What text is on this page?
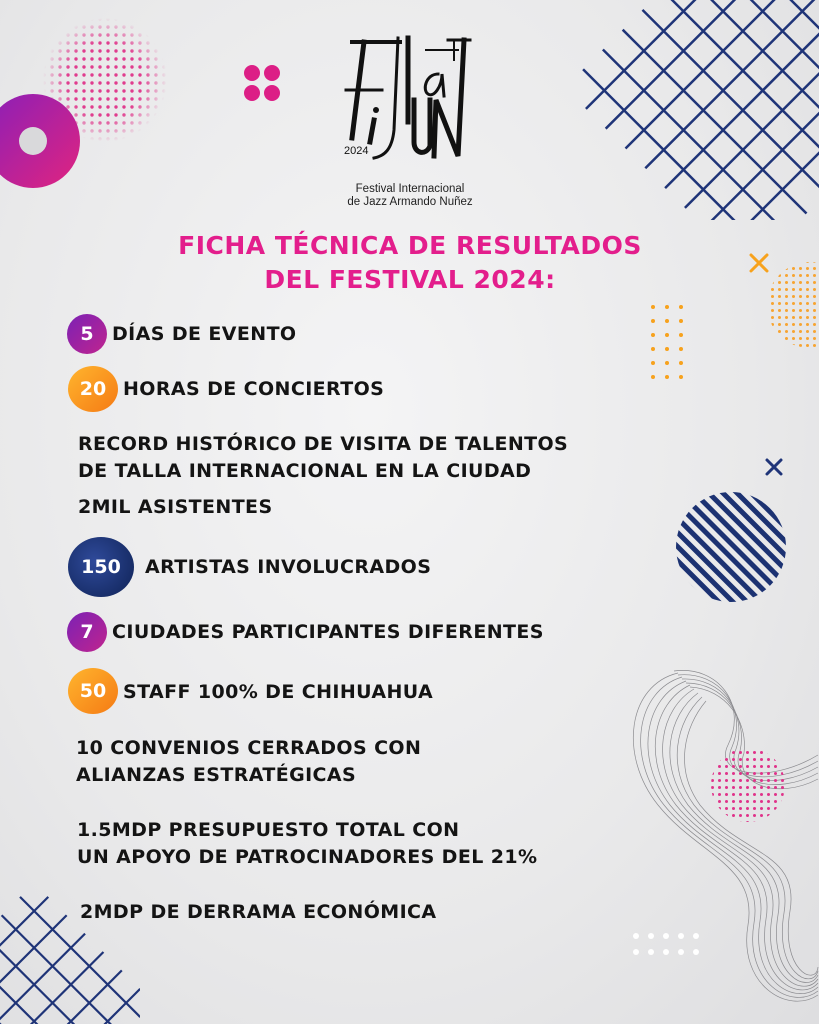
2024
Festival Internacional
de Jazz Armando Nuñez
FICHA TÉCNICA DE RESULTADOS
DEL FESTIVAL 2024:
5 DÍAS DE EVENTO
20 HORAS DE CONCIERTOS
RECORD HISTÓRICO DE VISITA DE TALENTOS
DE TALLA INTERNACIONAL EN LA CIUDAD
2MIL ASISTENTES
150	ARTISTAS INVOLUCRADOS
7 CIUDADES PARTICIPANTES DIFERENTES
50 STAFF 100% DE CHIHUAHUA
10 CONVENIOS CERRADOS CON
ALIANZAS ESTRATÉGICAS
1.5MDP PRESUPUESTO TOTAL CON
UN APOYO DE PATROCINADORES DEL 21%
2MDP DE DERRAMA ECONÓMICA
